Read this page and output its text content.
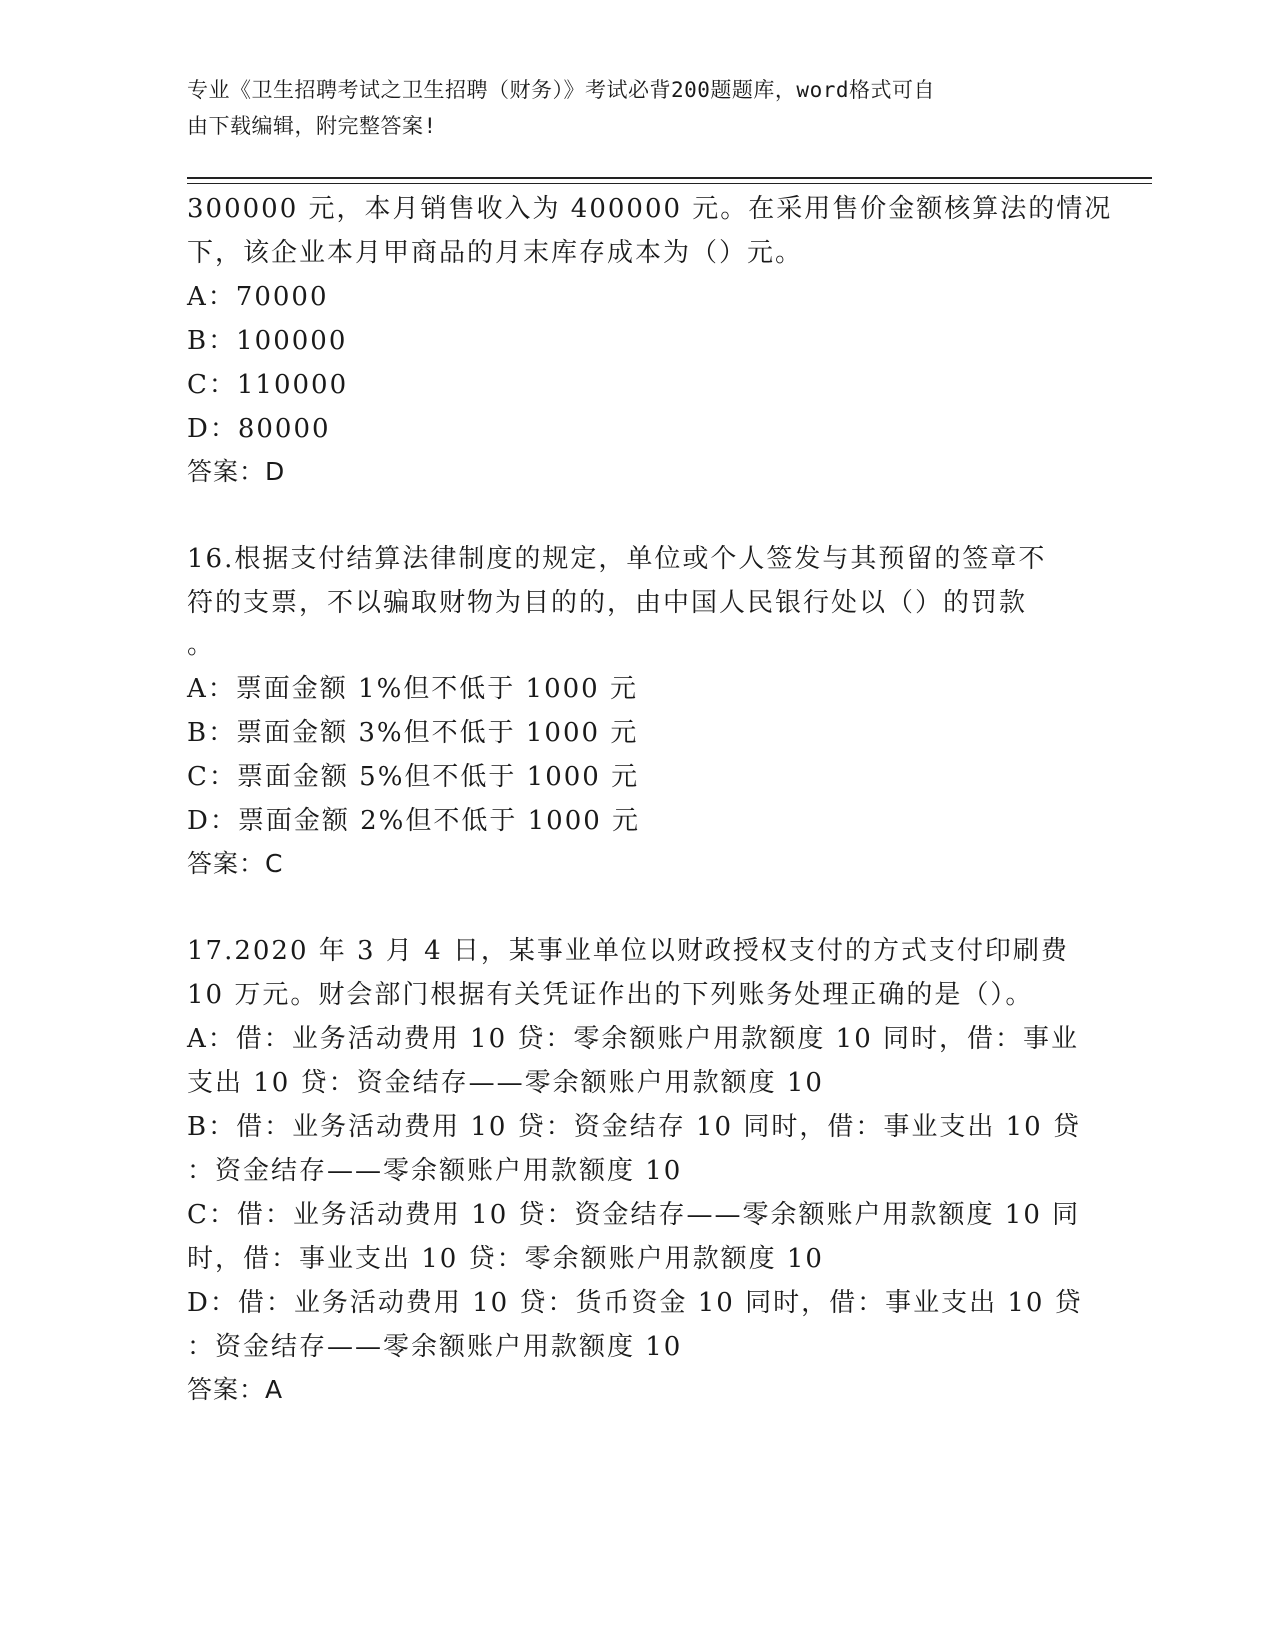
专业《卫生招聘考试之卫生招聘（财务）》考试必背200题题库，word格式可自
由下载编辑，附完整答案!
300000 元，本月销售收入为 400000 元。在采用售价金额核算法的情况
下，该企业本月甲商品的月末库存成本为（）元。
A：70000
B：100000
C：110000
D：80000
答案：D
16.根据支付结算法律制度的规定，单位或个人签发与其预留的签章不
符的支票，不以骗取财物为目的的，由中国人民银行处以（）的罚款
。
A：票面金额 1%但不低于 1000 元
B：票面金额 3%但不低于 1000 元
C：票面金额 5%但不低于 1000 元
D：票面金额 2%但不低于 1000 元
答案：C
17.2020 年 3 月 4 日，某事业单位以财政授权支付的方式支付印刷费
10 万元。财会部门根据有关凭证作出的下列账务处理正确的是（）。
A：借：业务活动费用 10 贷：零余额账户用款额度 10 同时，借：事业
支出 10 贷：资金结存——零余额账户用款额度 10
B：借：业务活动费用 10 贷：资金结存 10 同时，借：事业支出 10 贷
：资金结存——零余额账户用款额度 10
C：借：业务活动费用 10 贷：资金结存——零余额账户用款额度 10 同
时，借：事业支出 10 贷：零余额账户用款额度 10
D：借：业务活动费用 10 贷：货币资金 10 同时，借：事业支出 10 贷
：资金结存——零余额账户用款额度 10
答案：A
